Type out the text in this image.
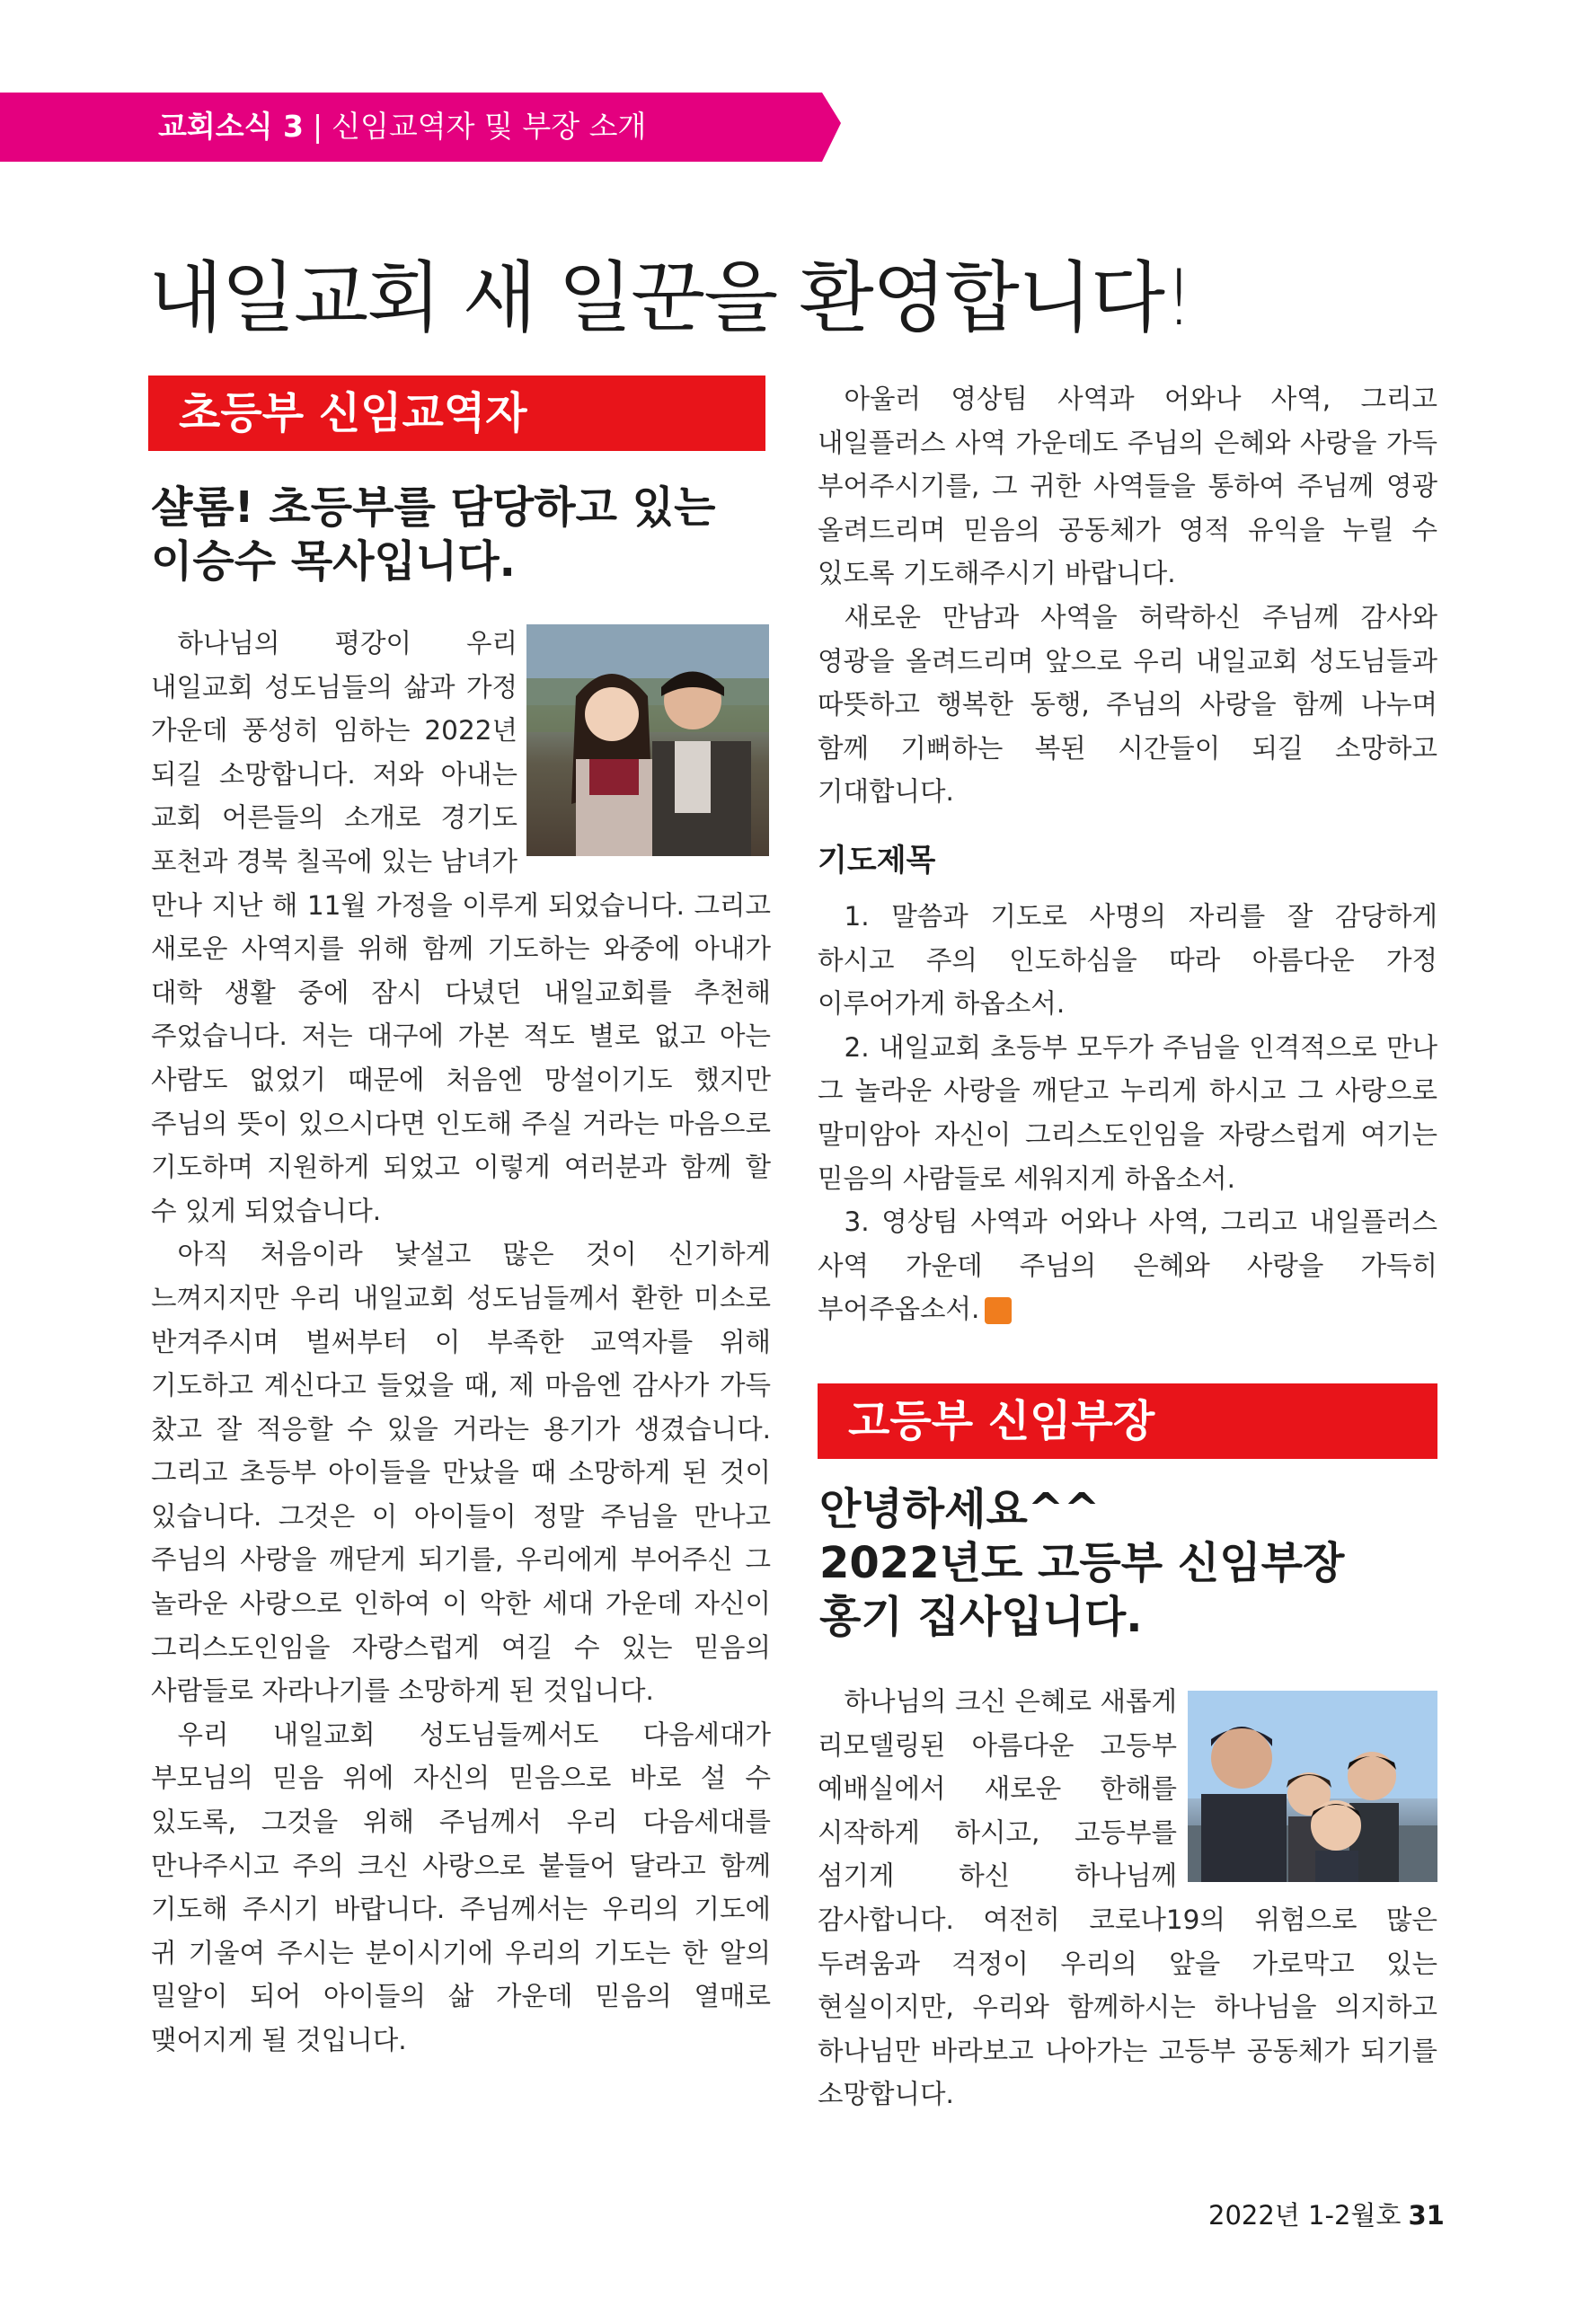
교회소식 3 | 신임교역자 및 부장 소개
내일교회 새 일꾼을 환영합니다!
초등부 신임교역자
샬롬! 초등부를 담당하고 있는
이승수 목사입니다.

하나님의 평강이 우리 내일교회 성도님들의 삶과 가정 가운데 풍성히 임하는 2022년 되길 소망합니다. 저와 아내는 교회 어른들의 소개로 경기도 포천과 경북 칠곡에 있는 남녀가 만나 지난 해 11월 가정을 이루게 되었습니다. 그리고 새로운 사역지를 위해 함께 기도하는 와중에 아내가 대학 생활 중에 잠시 다녔던 내일교회를 추천해 주었습니다. 저는 대구에 가본 적도 별로 없고 아는 사람도 없었기 때문에 처음엔 망설이기도 했지만 주님의 뜻이 있으시다면 인도해 주실 거라는 마음으로 기도하며 지원하게 되었고 이렇게 여러분과 함께 할 수 있게 되었습니다.

아직 처음이라 낯설고 많은 것이 신기하게 느껴지지만 우리 내일교회 성도님들께서 환한 미소로 반겨주시며 벌써부터 이 부족한 교역자를 위해 기도하고 계신다고 들었을 때, 제 마음엔 감사가 가득 찼고 잘 적응할 수 있을 거라는 용기가 생겼습니다. 그리고 초등부 아이들을 만났을 때 소망하게 된 것이 있습니다. 그것은 이 아이들이 정말 주님을 만나고 주님의 사랑을 깨닫게 되기를, 우리에게 부어주신 그 놀라운 사랑으로 인하여 이 악한 세대 가운데 자신이 그리스도인임을 자랑스럽게 여길 수 있는 믿음의 사람들로 자라나기를 소망하게 된 것입니다.

우리 내일교회 성도님들께서도 다음세대가 부모님의 믿음 위에 자신의 믿음으로 바로 설 수 있도록, 그것을 위해 주님께서 우리 다음세대를 만나주시고 주의 크신 사랑으로 붙들어 달라고 함께 기도해 주시기 바랍니다. 주님께서는 우리의 기도에 귀 기울여 주시는 분이시기에 우리의 기도는 한 알의 밀알이 되어 아이들의 삶 가운데 믿음의 열매로 맺어지게 될 것입니다.

아울러 영상팀 사역과 어와나 사역, 그리고 내일플러스 사역 가운데도 주님의 은혜와 사랑을 가득 부어주시기를, 그 귀한 사역들을 통하여 주님께 영광 올려드리며 믿음의 공동체가 영적 유익을 누릴 수 있도록 기도해주시기 바랍니다.

새로운 만남과 사역을 허락하신 주님께 감사와 영광을 올려드리며 앞으로 우리 내일교회 성도님들과 따뜻하고 행복한 동행, 주님의 사랑을 함께 나누며 함께 기뻐하는 복된 시간들이 되길 소망하고 기대합니다.

기도제목

1. 말씀과 기도로 사명의 자리를 잘 감당하게 하시고 주의 인도하심을 따라 아름다운 가정 이루어가게 하옵소서.

2. 내일교회 초등부 모두가 주님을 인격적으로 만나 그 놀라운 사랑을 깨닫고 누리게 하시고 그 사랑으로 말미암아 자신이 그리스도인임을 자랑스럽게 여기는 믿음의 사람들로 세워지게 하옵소서.

3. 영상팀 사역과 어와나 사역, 그리고 내일플러스 사역 가운데 주님의 은혜와 사랑을 가득히 부어주옵소서. N

고등부 신임부장
안녕하세요^^
2022년도 고등부 신임부장
홍기 집사입니다.

하나님의 크신 은혜로 새롭게 리모델링된 아름다운 고등부 예배실에서 새로운 한해를 시작하게 하시고, 고등부를 섬기게 하신 하나님께 감사합니다. 여전히 코로나19의 위험으로 많은 두려움과 걱정이 우리의 앞을 가로막고 있는 현실이지만, 우리와 함께하시는 하나님을 의지하고 하나님만 바라보고 나아가는 고등부 공동체가 되기를 소망합니다.

2022년 1-2월호 31
